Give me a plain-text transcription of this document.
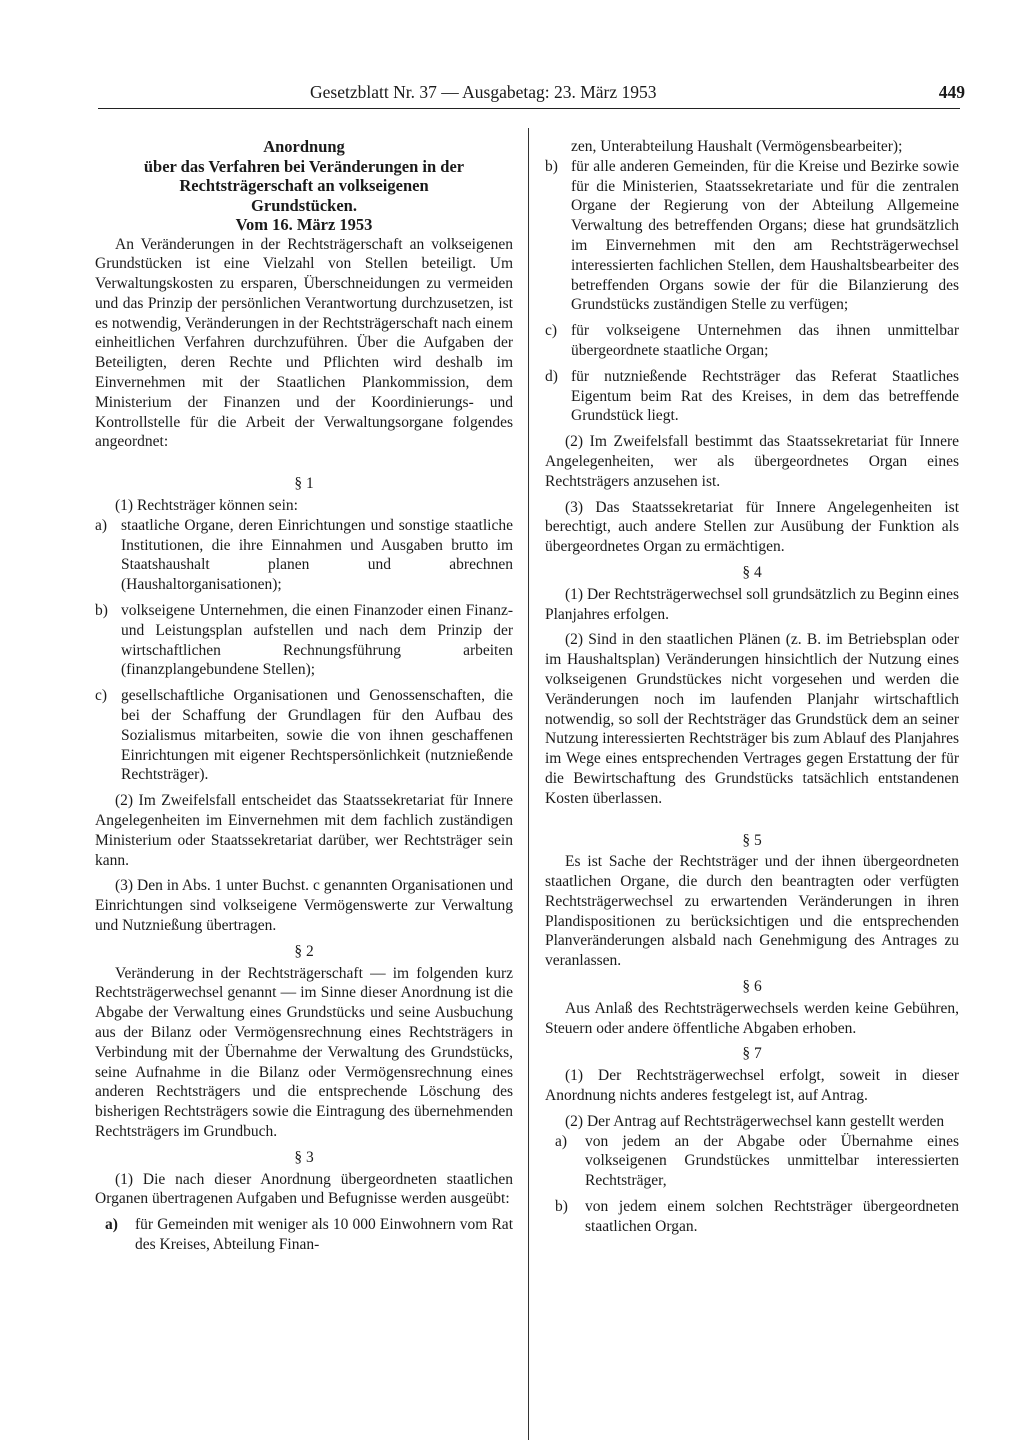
Gesetzblatt Nr. 37 — Ausgabetag: 23. März 1953	449
Anordnung
über das Verfahren bei Veränderungen in der
Rechtsträgerschaft an volkseigenen
Grundstücken.
Vom 16. März 1953

An Veränderungen in der Rechtsträgerschaft an volkseigenen Grundstücken ist eine Vielzahl von Stellen beteiligt. Um Verwaltungskosten zu ersparen, Überschneidungen zu vermeiden und das Prinzip der persönlichen Verantwortung durchzusetzen, ist es notwendig, Veränderungen in der Rechtsträgerschaft nach einem einheitlichen Verfahren durchzuführen. Über die Aufgaben der Beteiligten, deren Rechte und Pflichten wird deshalb im Einvernehmen mit der Staatlichen Plankommission, dem Ministerium der Finanzen und der Koordinierungs- und Kontrollstelle für die Arbeit der Verwaltungsorgane folgendes angeordnet:

§ 1

(1) Rechtsträger können sein:

a) staatliche Organe, deren Einrichtungen und sonstige staatliche Institutionen, die ihre Einnahmen und Ausgaben brutto im Staatshaushalt planen und abrechnen (Haushaltorganisationen);
b) volkseigene Unternehmen, die einen Finanzoder einen Finanz- und Leistungsplan aufstellen und nach dem Prinzip der wirtschaftlichen Rechnungsführung arbeiten (finanzplangebundene Stellen);
c) gesellschaftliche Organisationen und Genossenschaften, die bei der Schaffung der Grundlagen für den Aufbau des Sozialismus mitarbeiten, sowie die von ihnen geschaffenen Einrichtungen mit eigener Rechtspersönlichkeit (nutznießende Rechtsträger).

(2) Im Zweifelsfall entscheidet das Staatssekretariat für Innere Angelegenheiten im Einvernehmen mit dem fachlich zuständigen Ministerium oder Staatssekretariat darüber, wer Rechtsträger sein kann.

(3) Den in Abs. 1 unter Buchst. c genannten Organisationen und Einrichtungen sind volkseigene Vermögenswerte zur Verwaltung und Nutznießung übertragen.

§ 2

Veränderung in der Rechtsträgerschaft — im folgenden kurz Rechtsträgerwechsel genannt — im Sinne dieser Anordnung ist die Abgabe der Verwaltung eines Grundstücks und seine Ausbuchung aus der Bilanz oder Vermögensrechnung eines Rechtsträgers in Verbindung mit der Übernahme der Verwaltung des Grundstücks, seine Aufnahme in die Bilanz oder Vermögensrechnung eines anderen Rechtsträgers und die entsprechende Löschung des bisherigen Rechtsträgers sowie die Eintragung des übernehmenden Rechtsträgers im Grundbuch.

§ 3

(1) Die nach dieser Anordnung übergeordneten staatlichen Organen übertragenen Aufgaben und Befugnisse werden ausgeübt:

a)	für Gemeinden mit weniger als 10 000 Einwohnern vom Rat des Kreises, Abteilung Finan-
zen, Unterabteilung Haushalt (Vermögensbearbeiter);
b) für alle anderen Gemeinden, für die Kreise und Bezirke sowie für die Ministerien, Staatssekretariate und für die zentralen Organe der Regierung von der Abteilung Allgemeine Verwaltung des betreffenden Organs; diese hat grundsätzlich im Einvernehmen mit den am Rechtsträgerwechsel interessierten fachlichen Stellen, dem Haushaltsbearbeiter des betreffenden Organs sowie der für die Bilanzierung des Grundstücks zuständigen Stelle zu verfügen;
c) für volkseigene Unternehmen das ihnen unmittelbar übergeordnete staatliche Organ;
d) für nutznießende Rechtsträger das Referat Staatliches Eigentum beim Rat des Kreises, in dem das betreffende Grundstück liegt.

(2) Im Zweifelsfall bestimmt das Staatssekretariat für Innere Angelegenheiten, wer als übergeordnetes Organ eines Rechtsträgers anzusehen ist.

(3) Das Staatssekretariat für Innere Angelegenheiten ist berechtigt, auch andere Stellen zur Ausübung der Funktion als übergeordnetes Organ zu ermächtigen.

§ 4

(1) Der Rechtsträgerwechsel soll grundsätzlich zu Beginn eines Planjahres erfolgen.

(2) Sind in den staatlichen Plänen (z. B. im Betriebsplan oder im Haushaltsplan) Veränderungen hinsichtlich der Nutzung eines volkseigenen Grundstückes nicht vorgesehen und werden die Veränderungen noch im laufenden Planjahr wirtschaftlich notwendig, so soll der Rechtsträger das Grundstück dem an seiner Nutzung interessierten Rechtsträger bis zum Ablauf des Planjahres im Wege eines entsprechenden Vertrages gegen Erstattung der für die Bewirtschaftung des Grundstücks tatsächlich entstandenen Kosten überlassen.

§ 5

Es ist Sache der Rechtsträger und der ihnen übergeordneten staatlichen Organe, die durch den beantragten oder verfügten Rechtsträgerwechsel zu erwartenden Veränderungen in ihren Plandispositionen zu berücksichtigen und die entsprechenden Planveränderungen alsbald nach Genehmigung des Antrages zu veranlassen.

§ 6

Aus Anlaß des Rechtsträgerwechsels werden keine Gebühren, Steuern oder andere öffentliche Abgaben erhoben.

§ 7

(1) Der Rechtsträgerwechsel erfolgt, soweit in dieser Anordnung nichts anderes festgelegt ist, auf Antrag.

(2) Der Antrag auf Rechtsträgerwechsel kann gestellt werden

a)	von jedem an der Abgabe oder Übernahme eines volkseigenen Grundstückes unmittelbar interessierten Rechtsträger,
b)	von jedem einem solchen Rechtsträger übergeordneten staatlichen Organ.
